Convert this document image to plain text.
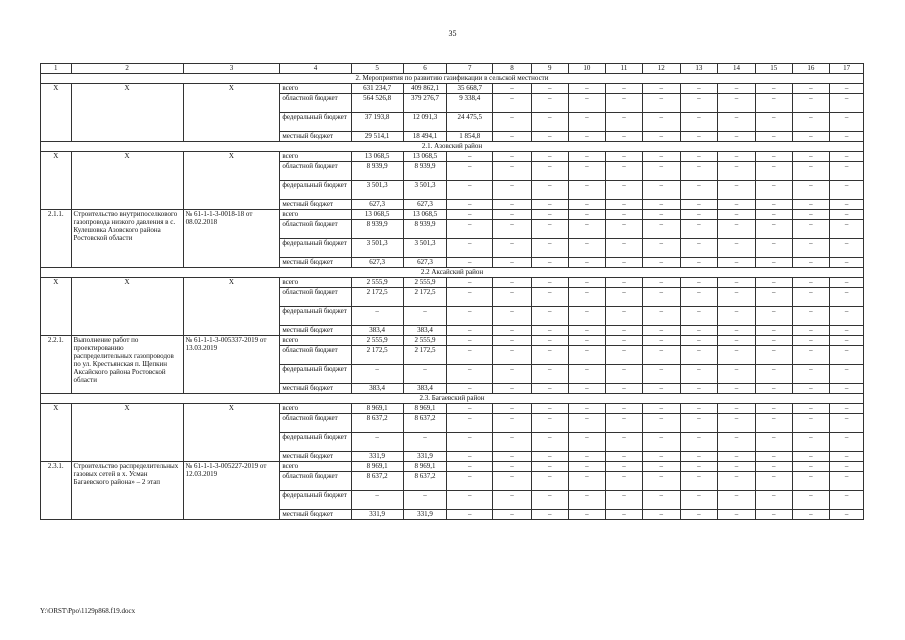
35
1	2	3	4	5	6	7	8	9	10	11	12	13	14	15	16	17
2. Мероприятия по развитию газификации в сельской местности																
Х	Х	Х	всего	631 234,7	409 862,1	35 668,7	–	–	–	–	–	–	–	–	–	–
			областной бюджет	564 526,8	379 276,7	9 338,4	–	–	–	–	–	–	–	–	–	–
			федеральный бюджет	37 193,8	12 091,3	24 475,5	–	–	–	–	–	–	–	–	–	–
			местный бюджет	29 514,1	18 494,1	1 854,8	–	–	–	–	–	–	–	–	–	–
2.1. Азовский район																
Х	Х	Х	всего	13 068,5	13 068,5	–	–	–	–	–	–	–	–	–	–	–
			областной бюджет	8 939,9	8 939,9	–	–	–	–	–	–	–	–	–	–	–
			федеральный бюджет	3 501,3	3 501,3	–	–	–	–	–	–	–	–	–	–	–
			местный бюджет	627,3	627,3	–	–	–	–	–	–	–	–	–	–	–
2.1.1.	Строительство внутрипоселкового газопровода низкого давления в с. Кулешовка Азовского района Ростовской области	№ 61-1-1-3-0018-18 от 08.02.2018	всего	13 068,5	13 068,5	–	–	–	–	–	–	–	–	–	–	–
			областной бюджет	8 939,9	8 939,9	–	–	–	–	–	–	–	–	–	–	–
			федеральный бюджет	3 501,3	3 501,3	–	–	–	–	–	–	–	–	–	–	–
			местный бюджет	627,3	627,3	–	–	–	–	–	–	–	–	–	–	–
2.2 Аксайский район																
Х	Х	Х	всего	2 555,9	2 555,9	–	–	–	–	–	–	–	–	–	–	–
			областной бюджет	2 172,5	2 172,5	–	–	–	–	–	–	–	–	–	–	–
			федеральный бюджет	–	–	–	–	–	–	–	–	–	–	–	–	–
			местный бюджет	383,4	383,4	–	–	–	–	–	–	–	–	–	–	–
2.2.1.	Выполнение работ по проектированию распределительных газопроводов по ул. Крестьянская п. Щепкин Аксайского района Ростовской области	№ 61-1-1-3-005337-2019 от 13.03.2019	всего	2 555,9	2 555,9	–	–	–	–	–	–	–	–	–	–	–
			областной бюджет	2 172,5	2 172,5	–	–	–	–	–	–	–	–	–	–	–
			федеральный бюджет	–	–	–	–	–	–	–	–	–	–	–	–	–
			местный бюджет	383,4	383,4	–	–	–	–	–	–	–	–	–	–	–
2.3. Багаевский район																
Х	Х	Х	всего	8 969,1	8 969,1	–	–	–	–	–	–	–	–	–	–	–
			областной бюджет	8 637,2	8 637,2	–	–	–	–	–	–	–	–	–	–	–
			федеральный бюджет	–	–	–	–	–	–	–	–	–	–	–	–	–
			местный бюджет	331,9	331,9	–	–	–	–	–	–	–	–	–	–	–
2.3.1.	Строительство распределительных газовых сетей в х. Усман Багаевского района» – 2 этап	№ 61-1-1-3-005227-2019 от 12.03.2019	всего	8 969,1	8 969,1	–	–	–	–	–	–	–	–	–	–	–
			областной бюджет	8 637,2	8 637,2	–	–	–	–	–	–	–	–	–	–	–
			федеральный бюджет	–	–	–	–	–	–	–	–	–	–	–	–	–
			местный бюджет	331,9	331,9	–	–	–	–	–	–	–	–	–	–	–
Y:\ORST\Ppo\1129p868.f19.docx
